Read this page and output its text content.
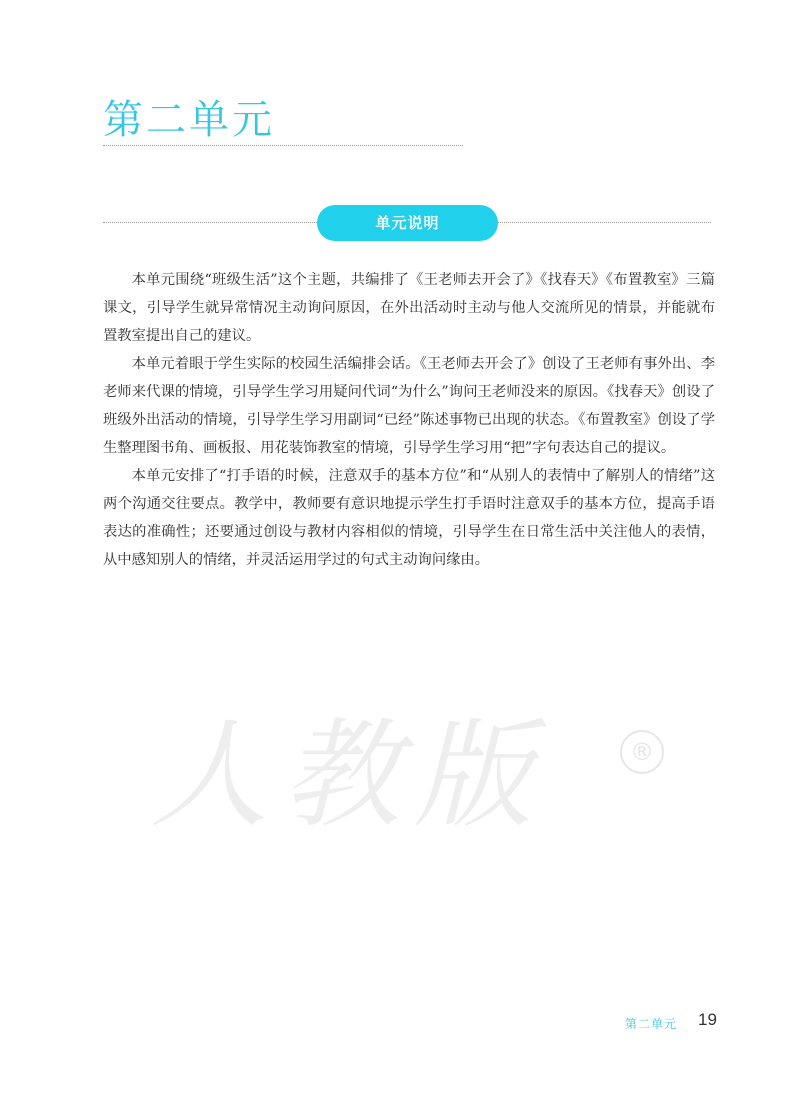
第二单元
单元说明

本单元围绕“班级生活”这个主题，共编排了《王老师去开会了》《找春天》《布置教室》三篇课文，引导学生就异常情况主动询问原因，在外出活动时主动与他人交流所见的情景，并能就布置教室提出自己的建议。

本单元着眼于学生实际的校园生活编排会话。《王老师去开会了》创设了王老师有事外出、李老师来代课的情境，引导学生学习用疑问代词“为什么”询问王老师没来的原因。《找春天》创设了班级外出活动的情境，引导学生学习用副词“已经”陈述事物已出现的状态。《布置教室》创设了学生整理图书角、画板报、用花装饰教室的情境，引导学生学习用“把”字句表达自己的提议。

本单元安排了“打手语的时候，注意双手的基本方位”和“从别人的表情中了解别人的情绪”这两个沟通交往要点。教学中，教师要有意识地提示学生打手语时注意双手的基本方位，提高手语表达的准确性；还要通过创设与教材内容相似的情境，引导学生在日常生活中关注他人的表情，从中感知别人的情绪，并灵活运用学过的句式主动询问缘由。

人教版	®
第二单元 19
